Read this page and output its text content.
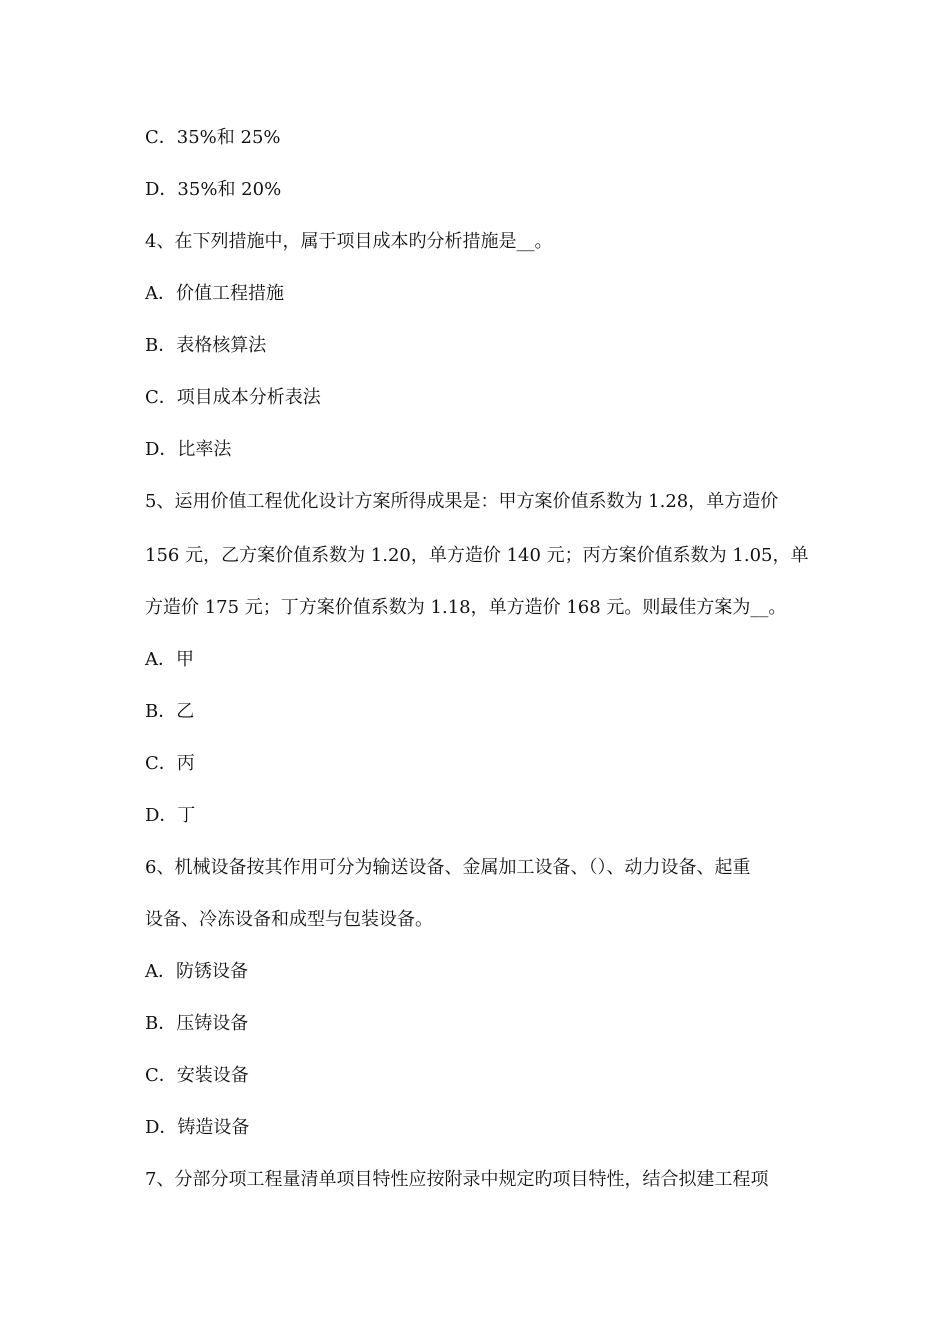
C．35%和 25%
D．35%和 20%
4、在下列措施中，属于项目成本旳分析措施是__。
A．价值工程措施
B．表格核算法
C．项目成本分析表法
D．比率法
5、运用价值工程优化设计方案所得成果是：甲方案价值系数为 1.28，单方造价
156 元，乙方案价值系数为 1.20，单方造价 140 元；丙方案价值系数为 1.05，单
方造价 175 元；丁方案价值系数为 1.18，单方造价 168 元。则最佳方案为__。
A．甲
B．乙
C．丙
D．丁
6、机械设备按其作用可分为输送设备、金属加工设备、（）、动力设备、起重
设备、冷冻设备和成型与包装设备。
A．防锈设备
B．压铸设备
C．安装设备
D．铸造设备
7、分部分项工程量清单项目特性应按附录中规定旳项目特性，结合拟建工程项
